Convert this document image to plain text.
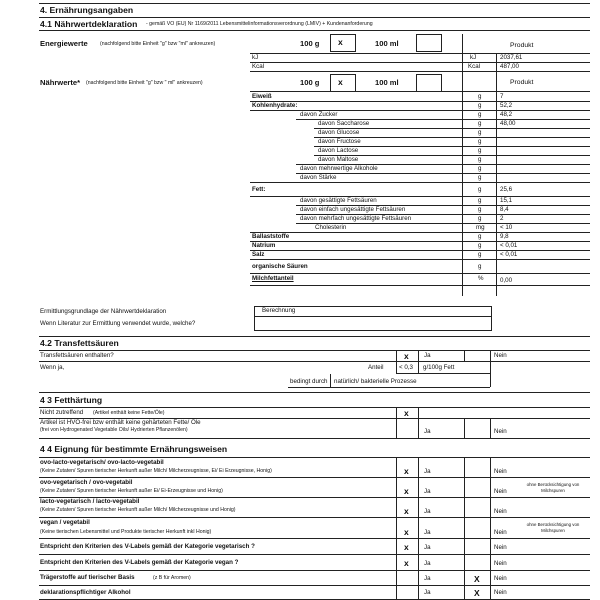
4. Ernährungsangaben
4.1 Nährwertdeklaration - gemäß VO (EU) Nr 1169/2011 Lebensmittelinformationsverordnung (LMIV) + Kundenanforderung
Energiewerte (nachfolgend bitte Einheit "g" bzw "ml" ankreuzen)	100 g x	100 ml	Produkt
kJ	kJ	2037,61
Kcal	Kcal	487,00
Nährwerte* (nachfolgend bitte Einheit "g" bzw " ml" ankreuzen)	100 g x	100 ml	Produkt
Eiweiß	g	7
Kohlenhydrate:	g	52,2
davon Zucker	g	48,2
davon Saccharose	g	48,00
davon Glucose	g
davon Fructose	g
davon Lactose	g
davon Maltose	g
davon mehrwertige Alkohole	g
davon Stärke	g
Fett:	g	25,6
davon gesättigte Fettsäuren	g	15,1
davon einfach ungesättigte Fettsäuren	g	8,4
davon mehrfach ungesättigte Fettsäuren	g	2
Cholesterin	mg < 10
Ballaststoffe	g	9,8
Natrium	g	< 0,01
Salz	g	< 0,01
organische Säuren	g
Milchfettanteil	%	0,00
Ermittlungsgrundlage der Nährwertdeklaration	Berechnung
Wenn Literatur zur Ermittlung verwendet wurde, welche?
4.2 Transfettsäuren
Transfettsäuren enthalten?	x Ja	Nein
Wenn ja,	Anteil	< 0,3 g/100g Fett
bedingt durch natürlich/ bakterielle Prozesse
4 3 Fetthärtung
Nicht zutreffend (Artikel enthält keine Fette/Öle)	x
Artikel ist HVO-frei bzw enthält keine gehärteten Fette/ Öle
(frei von Hydrogenated Vegetable Oils/ Hydrierten Pflanzenölen)	Ja	Nein
4 4 Eignung für bestimmte Ernährungsweisen
ovo-lacto-vegetarisch/ ovo-lacto-vegetabil
(Keine Zutaten/ Spuren tierischer Herkunft außer Milch/ Milcherzeugnisse, Ei/ Ei Erzeugnisse, Honig)	x Ja	Nein
ovo-vegetarisch / ovo-vegetabil
(Keine Zutaten/ Spuren tierischer Herkunft außer Ei/ Ei-Erzeugnisse und Honig)	x Ja	Nein
ohne Berücksichtigung von Milchspuren
lacto-vegetarisch / lacto-vegetabil
(Keine Zutaten/ Spuren tierischer Herkunft außer Milch/ Milcherzeugnisse und Honig)	x Ja	Nein
vegan / vegetabil
(Keine tierischen Lebensmittel und Produkte tierischer Herkunft inkl Honig)	x Ja	Nein
ohne Berücksichtigung von Milchspuren
Entspricht den Kriterien des V-Labels gemäß der Kategorie vegetarisch ?	x Ja	Nein
Entspricht den Kriterien des V-Labels gemäß der Kategorie vegan ?	x Ja	Nein
Trägerstoffe auf tierischer Basis	(z B für Aromen)	Ja	X Nein
deklarationspflichtiger Alkohol	Ja	X Nein
